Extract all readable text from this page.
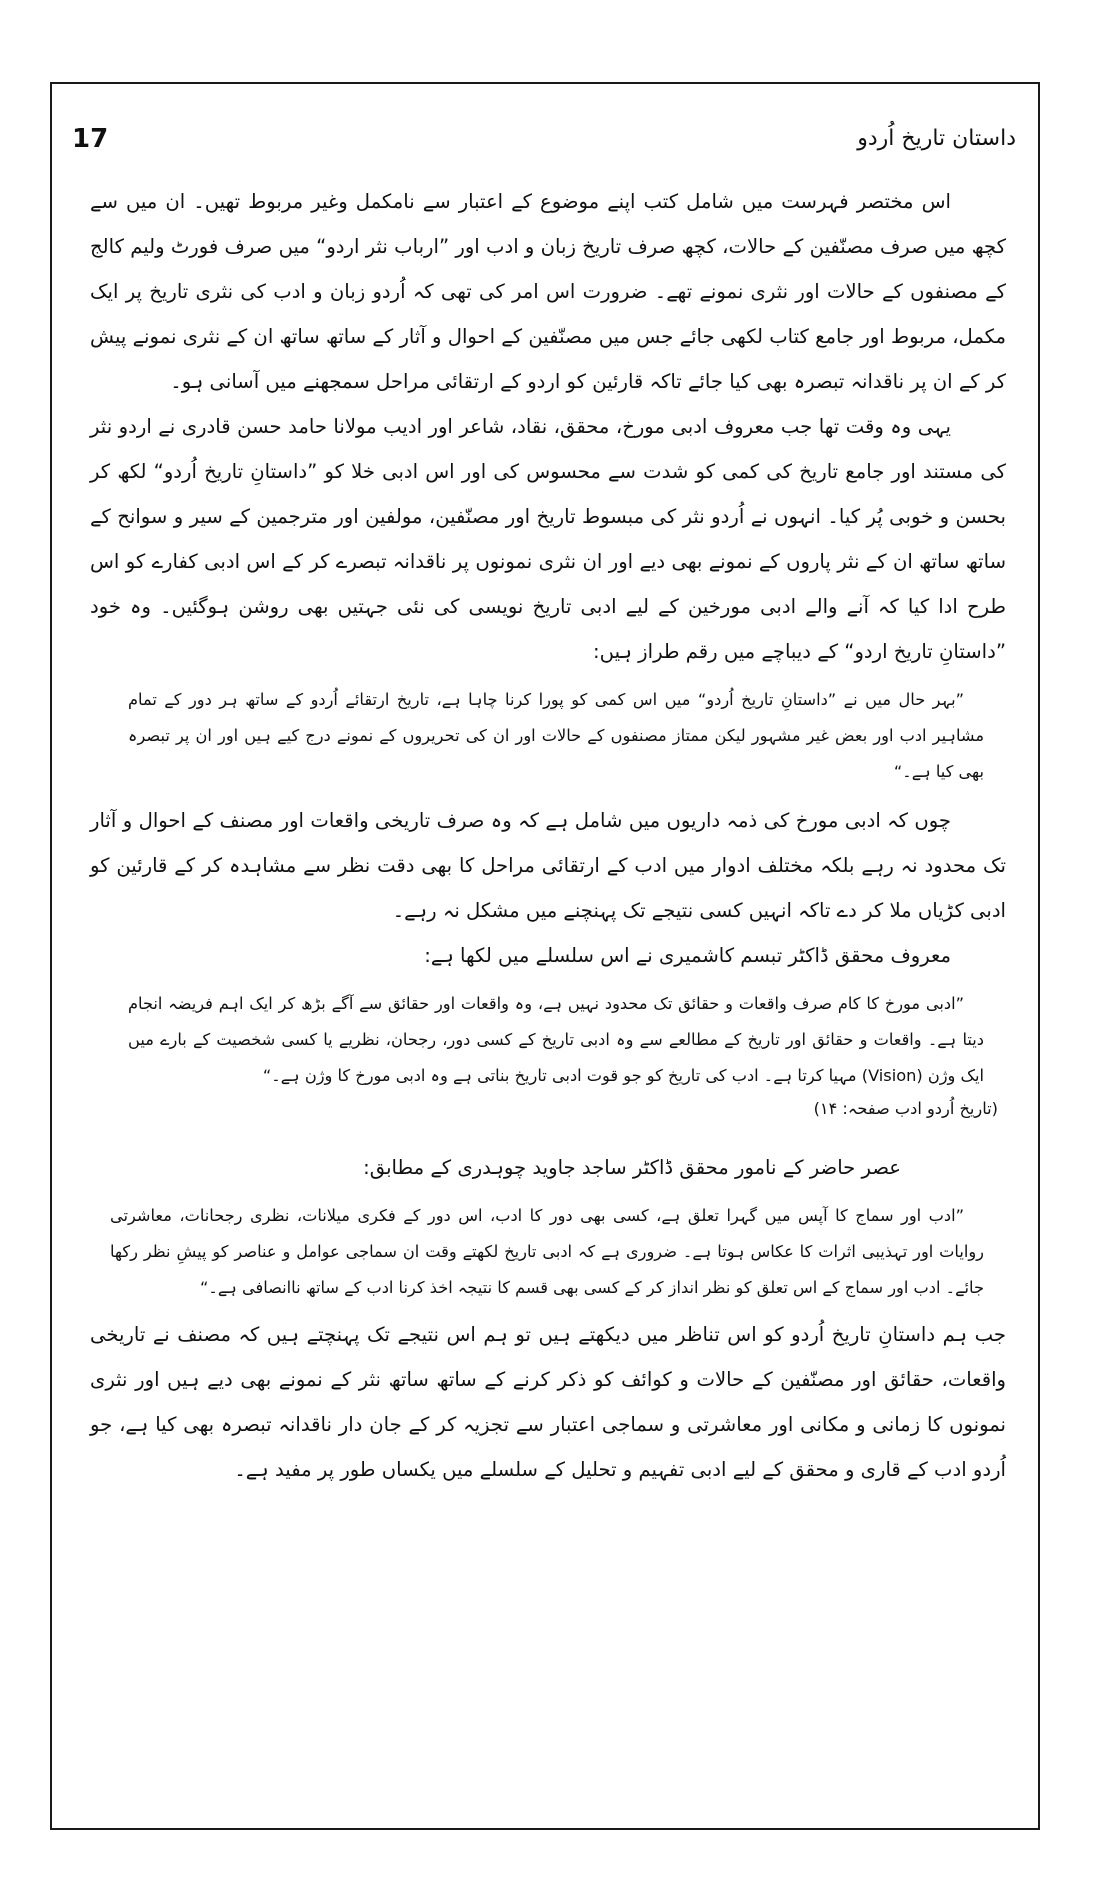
17	داستان تاریخ اُردو

اس مختصر فہرست میں شامل کتب اپنے موضوع کے اعتبار سے نامکمل وغیر مربوط تھیں۔ ان میں سے کچھ میں صرف مصنّفین کے حالات، کچھ صرف تاریخ زبان و ادب اور ”ارباب نثر اردو“ میں صرف فورٹ ولیم کالج کے مصنفوں کے حالات اور نثری نمونے تھے۔ ضرورت اس امر کی تھی کہ اُردو زبان و ادب کی نثری تاریخ پر ایک مکمل، مربوط اور جامع کتاب لکھی جائے جس میں مصنّفین کے احوال و آثار کے ساتھ ساتھ ان کے نثری نمونے پیش کر کے ان پر ناقدانہ تبصرہ بھی کیا جائے تاکہ قارئین کو اردو کے ارتقائی مراحل سمجھنے میں آسانی ہو۔

یہی وہ وقت تھا جب معروف ادبی مورخ، محقق، نقاد، شاعر اور ادیب مولانا حامد حسن قادری نے اردو نثر کی مستند اور جامع تاریخ کی کمی کو شدت سے محسوس کی اور اس ادبی خلا کو ”داستانِ تاریخ اُردو“ لکھ کر بحسن و خوبی پُر کیا۔ انہوں نے اُردو نثر کی مبسوط تاریخ اور مصنّفین، مولفین اور مترجمین کے سیر و سوانح کے ساتھ ساتھ ان کے نثر پاروں کے نمونے بھی دیے اور ان نثری نمونوں پر ناقدانہ تبصرے کر کے اس ادبی کفارے کو اس طرح ادا کیا کہ آنے والے ادبی مورخین کے لیے ادبی تاریخ نویسی کی نئی جہتیں بھی روشن ہوگئیں۔ وہ خود ”داستانِ تاریخ اردو“ کے دیباچے میں رقم طراز ہیں:

”بہر حال میں نے ”داستانِ تاریخ اُردو“ میں اس کمی کو پورا کرنا چاہا ہے، تاریخ ارتقائے اُردو کے ساتھ ہر دور کے تمام مشاہیر ادب اور بعض غیر مشہور لیکن ممتاز مصنفوں کے حالات اور ان کی تحریروں کے نمونے درج کیے ہیں اور ان پر تبصرہ بھی کیا ہے۔“

چوں کہ ادبی مورخ کی ذمہ داریوں میں شامل ہے کہ وہ صرف تاریخی واقعات اور مصنف کے احوال و آثار تک محدود نہ رہے بلکہ مختلف ادوار میں ادب کے ارتقائی مراحل کا بھی دقت نظر سے مشاہدہ کر کے قارئین کو ادبی کڑیاں ملا کر دے تاکہ انہیں کسی نتیجے تک پہنچنے میں مشکل نہ رہے۔

معروف محقق ڈاکٹر تبسم کاشمیری نے اس سلسلے میں لکھا ہے:

”ادبی مورخ کا کام صرف واقعات و حقائق تک محدود نہیں ہے، وہ واقعات اور حقائق سے آگے بڑھ کر ایک اہم فریضہ انجام دیتا ہے۔ واقعات و حقائق اور تاریخ کے مطالعے سے وہ ادبی تاریخ کے کسی دور، رجحان، نظریے یا کسی شخصیت کے بارے میں ایک وژن (Vision) مہیا کرتا ہے۔ ادب کی تاریخ کو جو قوت ادبی تاریخ بناتی ہے وہ ادبی مورخ کا وژن ہے۔“

(تاریخ اُردو ادب صفحہ: ۱۴)

عصر حاضر کے نامور محقق ڈاکٹر ساجد جاوید چوہدری کے مطابق:

”ادب اور سماج کا آپس میں گہرا تعلق ہے، کسی بھی دور کا ادب، اس دور کے فکری میلانات، نظری رجحانات، معاشرتی روایات اور تہذیبی اثرات کا عکاس ہوتا ہے۔ ضروری ہے کہ ادبی تاریخ لکھتے وقت ان سماجی عوامل و عناصر کو پیشِ نظر رکھا جائے۔ ادب اور سماج کے اس تعلق کو نظر انداز کر کے کسی بھی قسم کا نتیجہ اخذ کرنا ادب کے ساتھ ناانصافی ہے۔“

جب ہم داستانِ تاریخ اُردو کو اس تناظر میں دیکھتے ہیں تو ہم اس نتیجے تک پہنچتے ہیں کہ مصنف نے تاریخی واقعات، حقائق اور مصنّفین کے حالات و کوائف کو ذکر کرنے کے ساتھ ساتھ نثر کے نمونے بھی دیے ہیں اور نثری نمونوں کا زمانی و مکانی اور معاشرتی و سماجی اعتبار سے تجزیہ کر کے جان دار ناقدانہ تبصرہ بھی کیا ہے، جو اُردو ادب کے قاری و محقق کے لیے ادبی تفہیم و تحلیل کے سلسلے میں یکساں طور پر مفید ہے۔
